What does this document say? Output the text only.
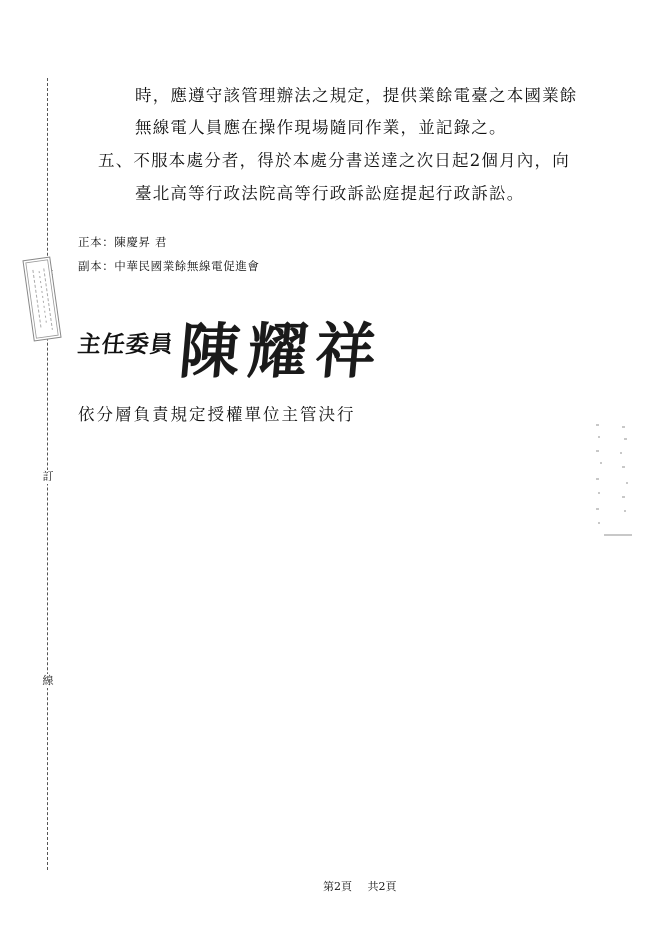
訂
線
時，應遵守該管理辦法之規定，提供業餘電臺之本國業餘
無線電人員應在操作現場隨同作業，並記錄之。
五、不服本處分者，得於本處分書送達之次日起2個月內，向
臺北高等行政法院高等行政訴訟庭提起行政訴訟。
正本：陳慶昇 君
副本：中華民國業餘無線電促進會
主任委員 陳耀祥
依分層負責規定授權單位主管決行
第2頁 共2頁
